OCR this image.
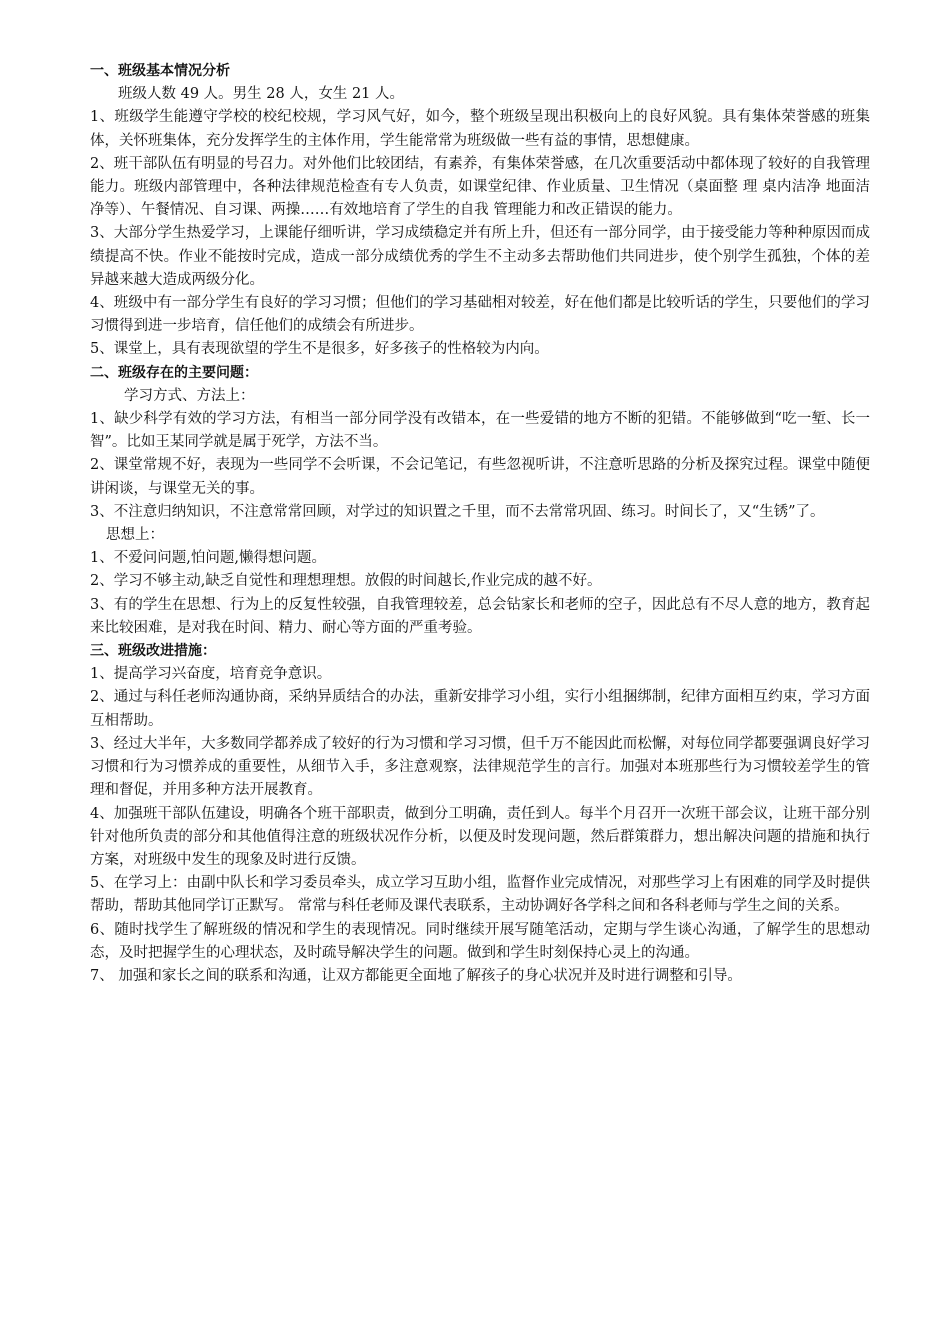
一、班级基本情况分析

班级人数 49 人。男生 28 人，女生 21 人。

1、班级学生能遵守学校的校纪校规，学习风气好，如今，整个班级呈现出积极向上的良好风貌。具有集体荣誉感的班集体，关怀班集体，充分发挥学生的主体作用，学生能常常为班级做一些有益的事情，思想健康。

2、班干部队伍有明显的号召力。对外他们比较团结，有素养，有集体荣誉感，在几次重要活动中都体现了较好的自我管理能力。班级内部管理中，各种法律规范检查有专人负责，如课堂纪律、作业质量、卫生情况（桌面整 理 桌内洁净 地面洁净等）、午餐情况、自习课、两操……有效地培育了学生的自我 管理能力和改正错误的能力。

3、大部分学生热爱学习，上课能仔细听讲，学习成绩稳定并有所上升，但还有一部分同学，由于接受能力等种种原因而成绩提高不快。作业不能按时完成，造成一部分成绩优秀的学生不主动多去帮助他们共同进步，使个别学生孤独，个体的差异越来越大造成两级分化。

4、班级中有一部分学生有良好的学习习惯；但他们的学习基础相对较差，好在他们都是比较听话的学生，只要他们的学习习惯得到进一步培育，信任他们的成绩会有所进步。

5、课堂上，具有表现欲望的学生不是很多，好多孩子的性格较为内向。

二、班级存在的主要问题：

学习方式、方法上：

1、缺少科学有效的学习方法，有相当一部分同学没有改错本，在一些爱错的地方不断的犯错。不能够做到“吃一堑、长一智”。比如王某同学就是属于死学，方法不当。

2、课堂常规不好，表现为一些同学不会听课，不会记笔记，有些忽视听讲，不注意听思路的分析及探究过程。课堂中随便讲闲谈，与课堂无关的事。

3、不注意归纳知识，不注意常常回顾，对学过的知识置之千里，而不去常常巩固、练习。时间长了，又“生锈”了。

思想上：

1、不爱问问题,怕问题,懒得想问题。

2、学习不够主动,缺乏自觉性和理想理想。放假的时间越长,作业完成的越不好。

3、有的学生在思想、行为上的反复性较强，自我管理较差，总会钻家长和老师的空子，因此总有不尽人意的地方，教育起来比较困难，是对我在时间、精力、耐心等方面的严重考验。

三、班级改进措施：

1、提高学习兴奋度，培育竞争意识。

2、通过与科任老师沟通协商，采纳异质结合的办法，重新安排学习小组，实行小组捆绑制，纪律方面相互约束，学习方面互相帮助。

3、经过大半年，大多数同学都养成了较好的行为习惯和学习习惯，但千万不能因此而松懈，对每位同学都要强调良好学习习惯和行为习惯养成的重要性，从细节入手，多注意观察，法律规范学生的言行。加强对本班那些行为习惯较差学生的管理和督促，并用多种方法开展教育。

4、加强班干部队伍建设，明确各个班干部职责，做到分工明确，责任到人。每半个月召开一次班干部会议，让班干部分别针对他所负责的部分和其他值得注意的班级状况作分析，以便及时发现问题，然后群策群力，想出解决问题的措施和执行方案，对班级中发生的现象及时进行反馈。

5、在学习上：由副中队长和学习委员牵头，成立学习互助小组，监督作业完成情况，对那些学习上有困难的同学及时提供帮助，帮助其他同学订正默写。 常常与科任老师及课代表联系，主动协调好各学科之间和各科老师与学生之间的关系。

6、随时找学生了解班级的情况和学生的表现情况。同时继续开展写随笔活动，定期与学生谈心沟通，了解学生的思想动态，及时把握学生的心理状态，及时疏导解决学生的问题。做到和学生时刻保持心灵上的沟通。

7、 加强和家长之间的联系和沟通，让双方都能更全面地了解孩子的身心状况并及时进行调整和引导。
